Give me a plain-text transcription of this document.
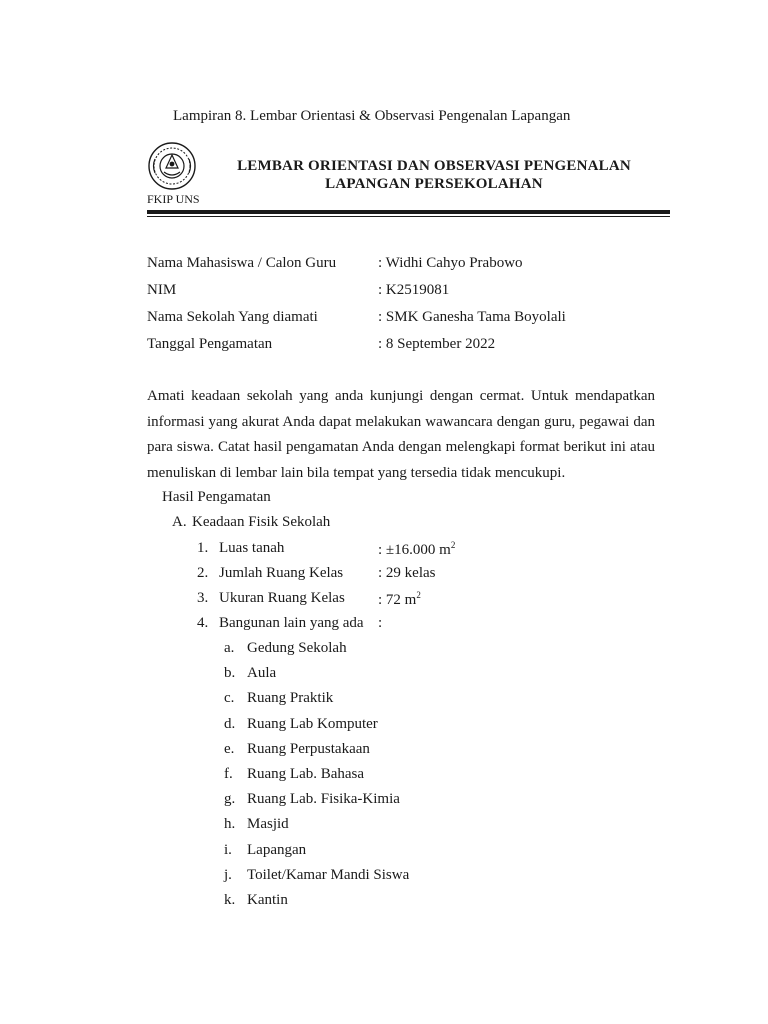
Lampiran 8. Lembar Orientasi & Observasi Pengenalan Lapangan
FKIP UNS
LEMBAR ORIENTASI DAN OBSERVASI PENGENALAN
LAPANGAN PERSEKOLAHAN
Nama Mahasiswa / Calon Guru	: Widhi Cahyo Prabowo
NIM	: K2519081
Nama Sekolah Yang diamati	: SMK Ganesha Tama Boyolali
Tanggal Pengamatan	: 8 September 2022
Amati keadaan sekolah yang anda kunjungi dengan cermat. Untuk mendapatkan informasi yang akurat Anda dapat melakukan wawancara dengan guru, pegawai dan para siswa. Catat hasil pengamatan Anda dengan melengkapi format berikut ini atau menuliskan di lembar lain bila tempat yang tersedia tidak mencukupi.
Hasil Pengamatan
A. Keadaan Fisik Sekolah
1. Luas tanah	: ±16.000 $m^2$
2. Jumlah Ruang Kelas : 29 kelas
3. Ukuran Ruang Kelas : 72 $m^2$
4. Bangunan lain yang ada :
a. Gedung Sekolah
b. Aula
c. Ruang Praktik
d. Ruang Lab Komputer
e. Ruang Perpustakaan
f. Ruang Lab. Bahasa
g. Ruang Lab. Fisika-Kimia
h. Masjid
i. Lapangan
j. Toilet/Kamar Mandi Siswa
k. Kantin
